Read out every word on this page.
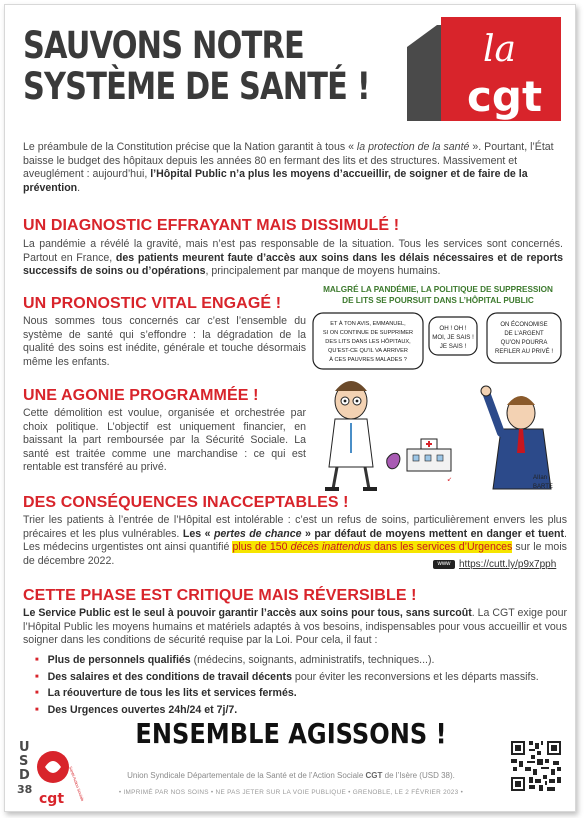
SAUVONS NOTRE
SYSTÈME DE SANTÉ !
la
cgt
Le préambule de la Constitution précise que la Nation garantit à tous « la protection de la santé ». Pourtant, l’État baisse le budget des hôpitaux depuis les années 80 en fermant des lits et des structures. Massivement et aveuglément : aujourd’hui, l’Hôpital Public n’a plus les moyens d’accueillir, de soigner et de faire de la prévention.
UN DIAGNOSTIC EFFRAYANT MAIS DISSIMULÉ !
La pandémie a révélé la gravité, mais n’est pas responsable de la situation. Tous les services sont concernés. Partout en France, des patients meurent faute d’accès aux soins dans les délais nécessaires et de reports successifs de soins ou d’opérations, principalement par manque de moyens humains.
UN PRONOSTIC VITAL ENGAGÉ !
Nous sommes tous concernés car c’est l’ensemble du système de santé qui s’effondre : la dégradation de la qualité des soins est inédite, générale et touche désormais même les enfants.
UNE AGONIE PROGRAMMÉE !
Cette démolition est voulue, organisée et orchestrée par choix politique. L’objectif est uniquement financier, en baissant la part remboursée par la Sécurité Sociale. La santé est traitée comme une marchandise : ce qui est rentable est transféré au privé.
MALGRÉ LA PANDÉMIE, LA POLITIQUE DE SUPPRESSION
DE LITS SE POURSUIT DANS L’HÔPITAL PUBLIC
ET À TON AVIS, EMMANUEL,
SI ON CONTINUE DE SUPPRIMER
DES LITS DANS LES HÔPITAUX,
QU’EST-CE QU’IL VA ARRIVER
À CES PAUVRES MALADES ?
OH ! OH !
MOI, JE SAIS !
JE SAIS !
ON ÉCONOMISE
DE L’ARGENT
QU’ON POURRA
REFILER AU PRIVÉ !
↙	AIIan
BARTE
DES CONSÉQUENCES INACCEPTABLES !
Trier les patients à l’entrée de l’Hôpital est intolérable : c’est un refus de soins, particulièrement envers les plus précaires et les plus vulnérables. Les « pertes de chance » par défaut de moyens mettent en danger et tuent. Les médecins urgentistes ont ainsi quantifié plus de 150 décès inattendus dans les services d’Urgences sur le mois de décembre 2022.	www https://cutt.ly/p9x7pph
CETTE PHASE EST CRITIQUE MAIS RÉVERSIBLE !
Le Service Public est le seul à pouvoir garantir l’accès aux soins pour tous, sans surcoût. La CGT exige pour l’Hôpital Public les moyens humains et matériels adaptés à vos besoins, indispensables pour vous accueillir et vous soigner dans les conditions de sécurité requise par la Loi. Pour cela, il faut :
■ Plus de personnels qualifiés (médecins, soignants, administratifs, techniques...).
■ Des salaires et des conditions de travail décents pour éviter les reconversions et les départs massifs.
■ La réouverture de tous les lits et services fermés.
■ Des Urgences ouvertes 24h/24 et 7j/7.
ENSEMBLE AGISSONS !
U
S
D
38	Santé Action Sociale
cgt
Union Syndicale Départementale de la Santé et de l’Action Sociale CGT de l’Isère (USD 38).
• IMPRIMÉ PAR NOS SOINS • NE PAS JETER SUR LA VOIE PUBLIQUE • GRENOBLE, LE 2 FÉVRIER 2023 •
